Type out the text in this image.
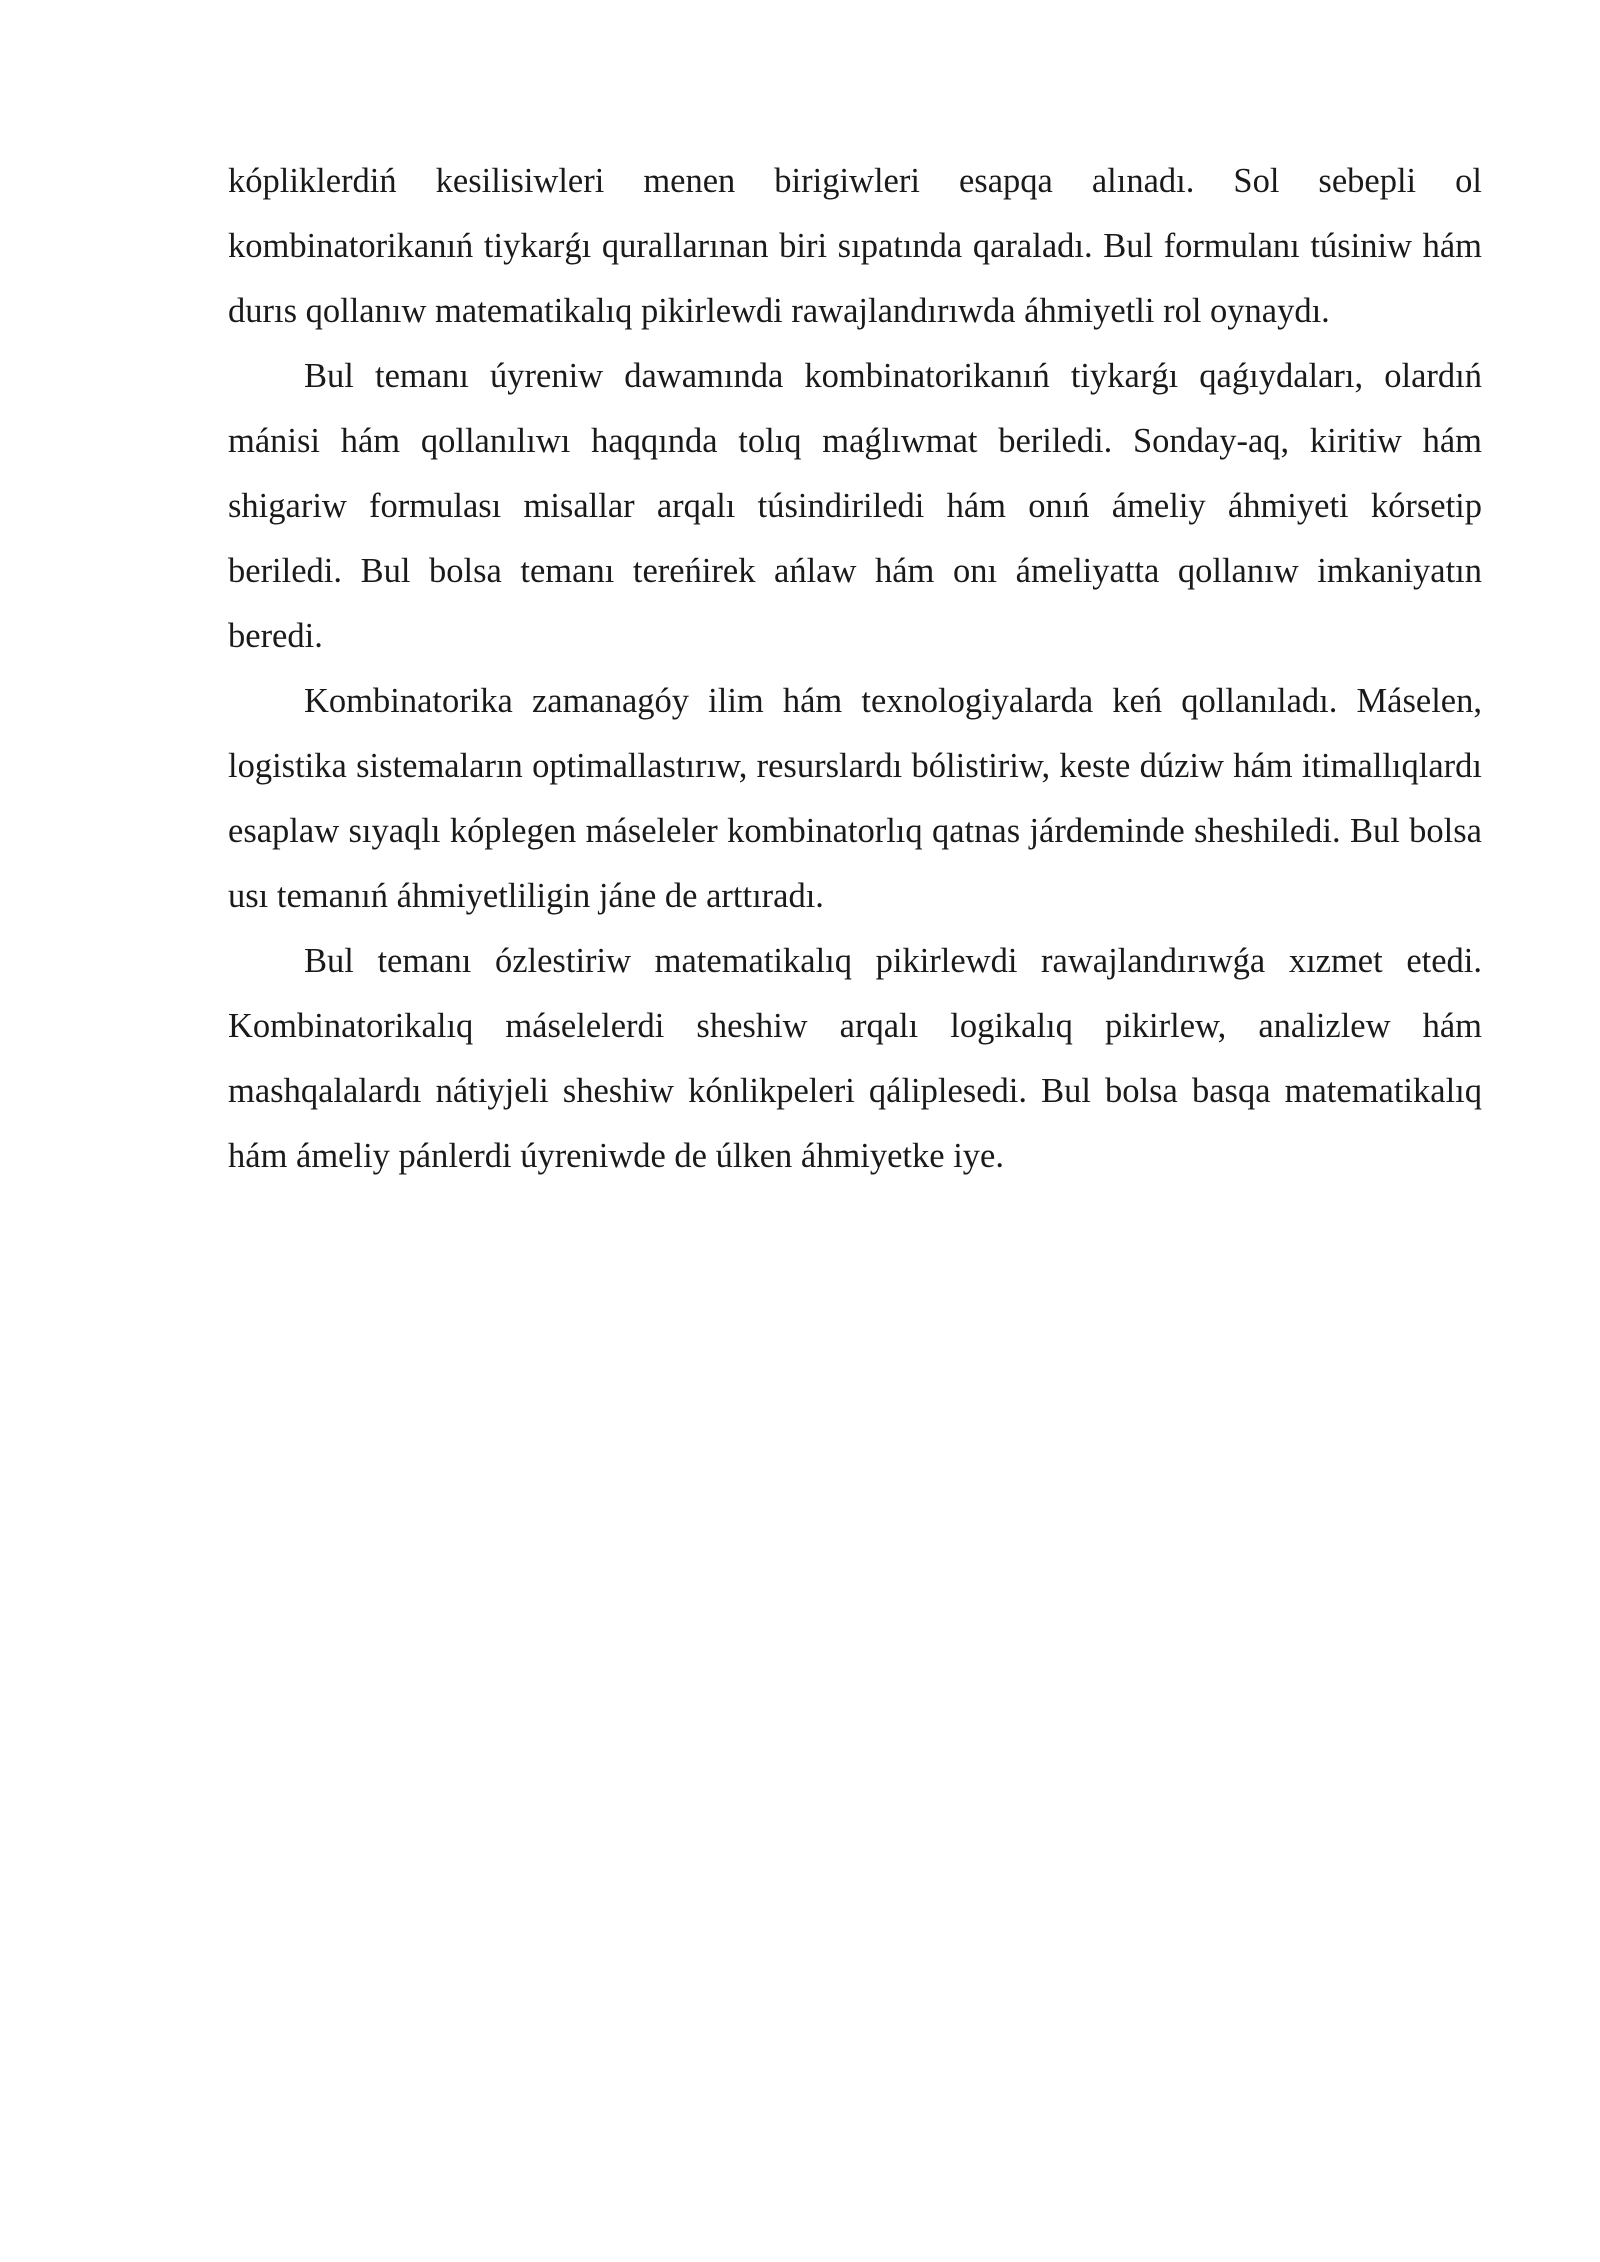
kópliklerdiń kesilisiwleri menen birigiwleri esapqa alınadı. Sol sebepli ol kombinatorikanıń tiykarǵı qurallarınan biri sıpatında qaraladı. Bul formulanı túsiniw hám durıs qollanıw matematikalıq pikirlewdi rawajlandırıwda áhmiyetli rol oynaydı.

Bul temanı úyreniw dawamında kombinatorikanıń tiykarǵı qaǵıydaları, olardıń mánisi hám qollanılıwı haqqında tolıq maǵlıwmat beriledi. Sonday-aq, kiritiw hám shigariw formulası misallar arqalı túsindiriledi hám onıń ámeliy áhmiyeti kórsetip beriledi. Bul bolsa temanı tereńirek ańlaw hám onı ámeliyatta qollanıw imkaniyatın beredi.

Kombinatorika zamanagóy ilim hám texnologiyalarda keń qollanıladı. Máselen, logistika sistemaların optimallastırıw, resurslardı bólistiriw, keste dúziw hám itimallıqlardı esaplaw sıyaqlı kóplegen máseleler kombinatorlıq qatnas járdeminde sheshiledi. Bul bolsa usı temanıń áhmiyetliligin jáne de arttıradı.

Bul temanı ózlestiriw matematikalıq pikirlewdi rawajlandırıwǵa xızmet etedi. Kombinatorikalıq máselelerdi sheshiw arqalı logikalıq pikirlew, analizlew hám mashqalalardı nátiyjeli sheshiw kónlikpeleri qáliplesedi. Bul bolsa basqa matematikalıq hám ámeliy pánlerdi úyreniwde de úlken áhmiyetke iye.
